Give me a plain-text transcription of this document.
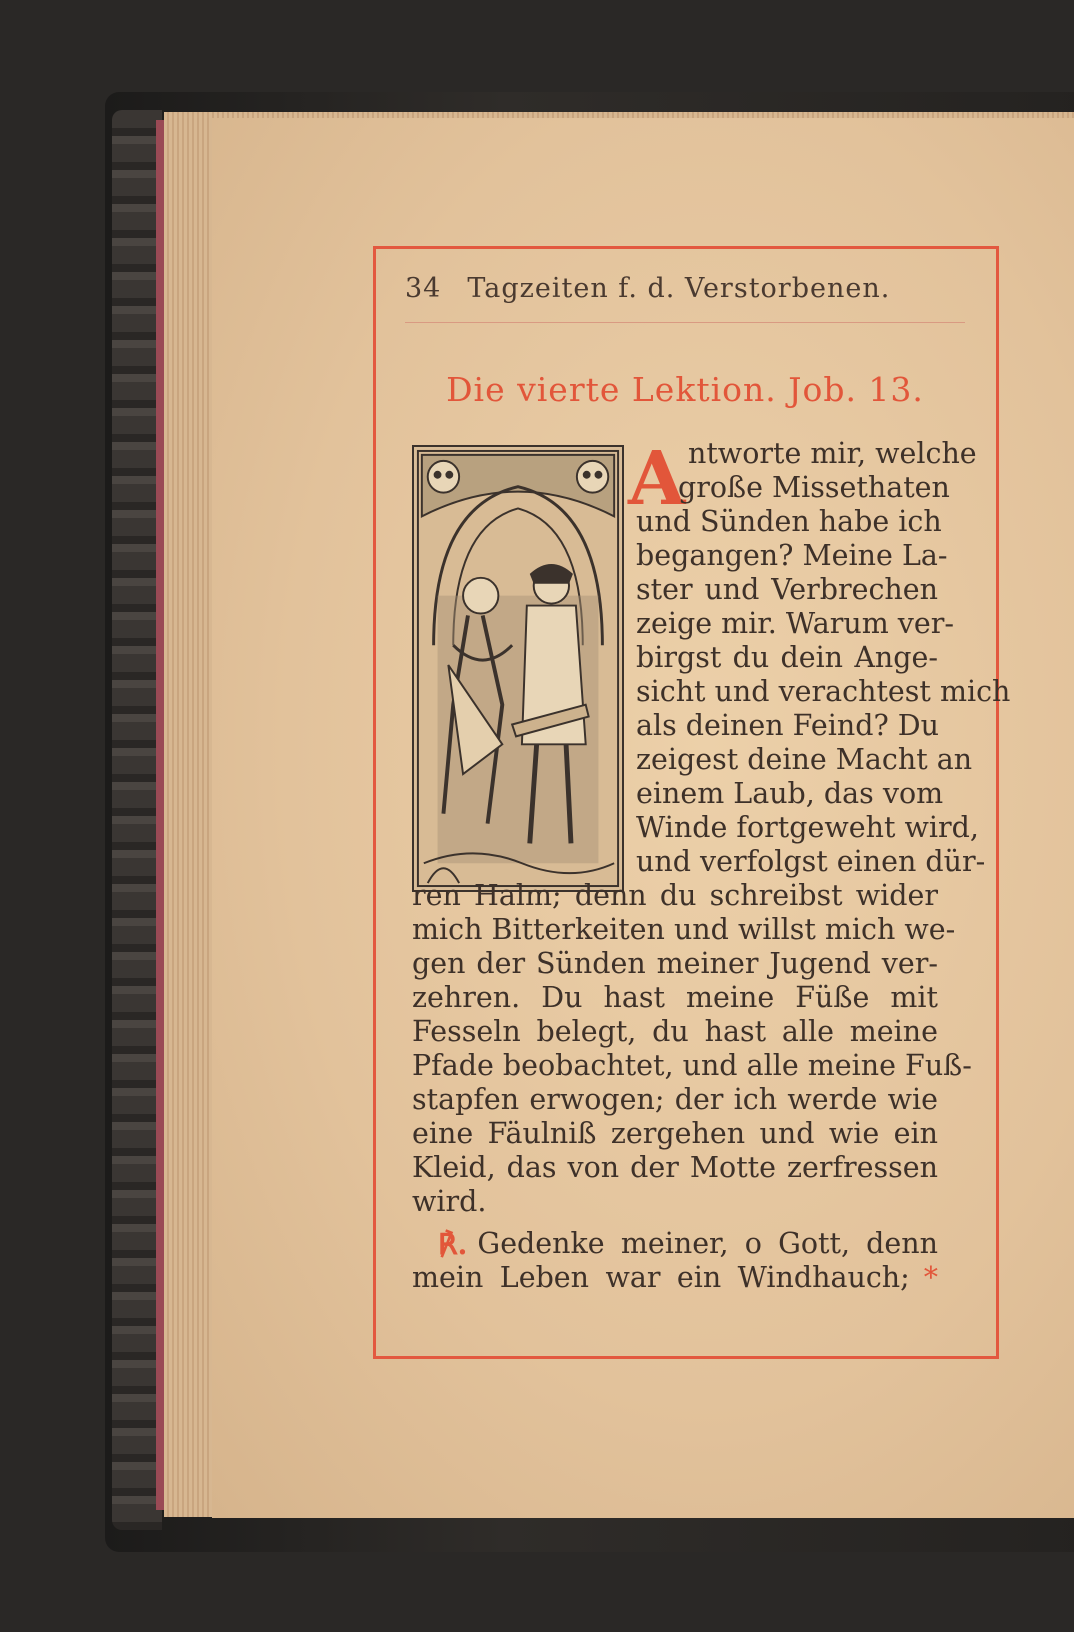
34 Tagzeiten f. d. Verstorbenen.
Die vierte Lektion. Job. 13.
A ntworte mir, welche
große Missethaten
und Sünden habe ich
begangen? Meine La-
ster und Verbrechen
zeige mir. Warum ver-
birgst du dein Ange-
sicht und verachtest mich
als deinen Feind? Du
zeigest deine Macht an
einem Laub, das vom
Winde fortgeweht wird,
und verfolgst einen dür-
ren Halm; denn du schreibst wider
mich Bitterkeiten und willst mich we-
gen der Sünden meiner Jugend ver-
zehren. Du hast meine Füße mit
Fesseln belegt, du hast alle meine
Pfade beobachtet, und alle meine Fuß-
stapfen erwogen; der ich werde wie
eine Fäulniß zergehen und wie ein
Kleid, das von der Motte zerfressen
wird.
℟. Gedenke meiner, o Gott, denn
mein Leben war ein Windhauch; *
